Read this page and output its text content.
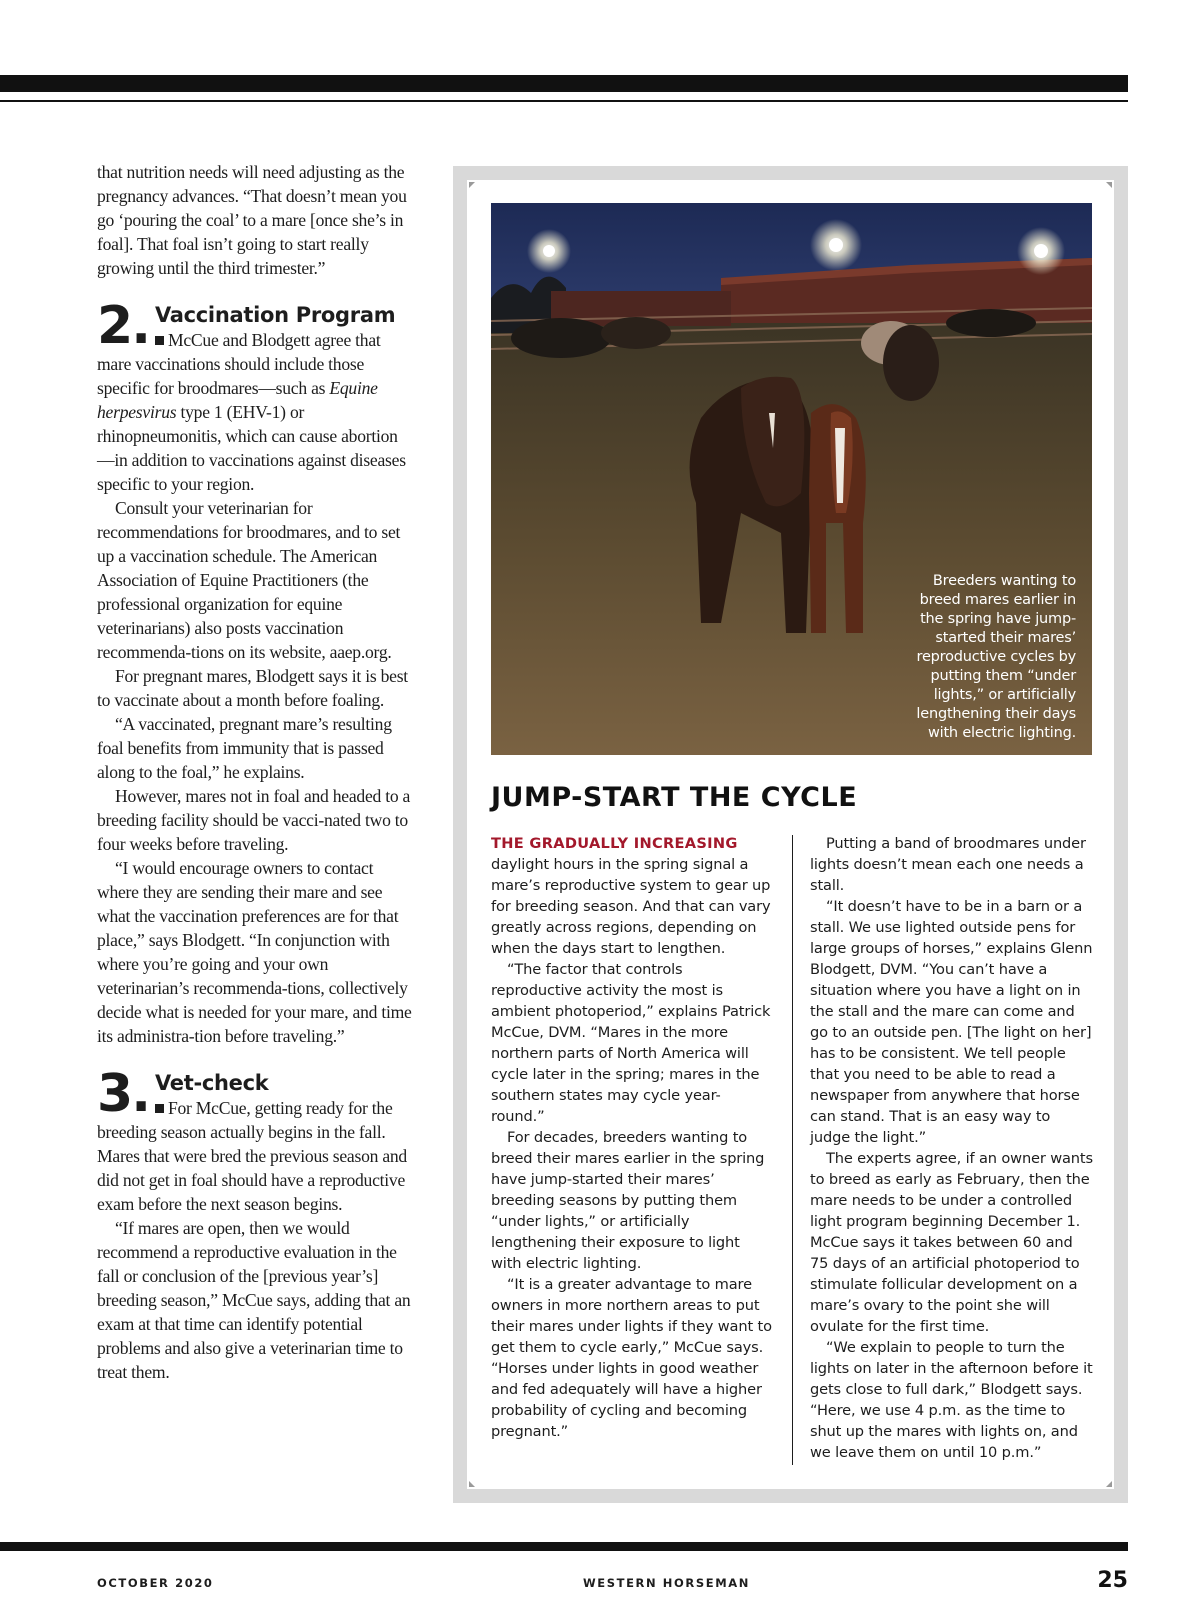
that nutrition needs will need adjusting as the pregnancy advances. “That doesn’t mean you go ‘pouring the coal’ to a mare [once she’s in foal]. That foal isn’t going to start really growing until the third trimester.”

2. Vaccination Program

McCue and Blodgett agree that mare vaccinations should include those specific for broodmares—such as Equine herpesvirus type 1 (EHV-1) or rhinopneumonitis, which can cause abortion—in addition to vaccinations against diseases specific to your region.

Consult your veterinarian for recommendations for broodmares, and to set up a vaccination schedule. The American Association of Equine Practitioners (the professional organization for equine veterinarians) also posts vaccination recommenda-tions on its website, aaep.org.

For pregnant mares, Blodgett says it is best to vaccinate about a month before foaling.

“A vaccinated, pregnant mare’s resulting foal benefits from immunity that is passed along to the foal,” he explains.

However, mares not in foal and headed to a breeding facility should be vacci-nated two to four weeks before traveling.

“I would encourage owners to contact where they are sending their mare and see what the vaccination preferences are for that place,” says Blodgett. “In conjunction with where you’re going and your own veterinarian’s recommenda-tions, collectively decide what is needed for your mare, and time its administra-tion before traveling.”

3. Vet-check

For McCue, getting ready for the breeding season actually begins in the fall. Mares that were bred the previous season and did not get in foal should have a reproductive exam before the next season begins.

“If mares are open, then we would recommend a reproductive evaluation in the fall or conclusion of the [previous year’s] breeding season,” McCue says, adding that an exam at that time can identify potential problems and also give a veterinarian time to treat them.

Breeders wanting to breed mares earlier in the spring have jump-started their mares’ reproductive cycles by putting them “under lights,” or artificially lengthening their days with electric lighting.
JUMP-START THE CYCLE

THE GRADUALLY INCREASING daylight hours in the spring signal a mare’s reproductive system to gear up for breeding season. And that can vary greatly across regions, depending on when the days start to lengthen.

“The factor that controls reproductive activity the most is ambient photoperiod,” explains Patrick McCue, DVM. “Mares in the more northern parts of North America will cycle later in the spring; mares in the southern states may cycle year-round.”

For decades, breeders wanting to breed their mares earlier in the spring have jump-started their mares’ breeding seasons by putting them “under lights,” or artificially lengthening their exposure to light with electric lighting.

“It is a greater advantage to mare owners in more northern areas to put their mares under lights if they want to get them to cycle early,” McCue says. “Horses under lights in good weather and fed adequately will have a higher probability of cycling and becoming pregnant.”

Putting a band of broodmares under lights doesn’t mean each one needs a stall.

“It doesn’t have to be in a barn or a stall. We use lighted outside pens for large groups of horses,” explains Glenn Blodgett, DVM. “You can’t have a situation where you have a light on in the stall and the mare can come and go to an outside pen. [The light on her] has to be consistent. We tell people that you need to be able to read a newspaper from anywhere that horse can stand. That is an easy way to judge the light.”

The experts agree, if an owner wants to breed as early as February, then the mare needs to be under a controlled light program beginning December 1. McCue says it takes between 60 and 75 days of an artificial photoperiod to stimulate follicular development on a mare’s ovary to the point she will ovulate for the first time.

“We explain to people to turn the lights on later in the afternoon before it gets close to full dark,” Blodgett says. “Here, we use 4 p.m. as the time to shut up the mares with lights on, and we leave them on until 10 p.m.”

OCTOBER 2020	WESTERN HORSEMAN	25
